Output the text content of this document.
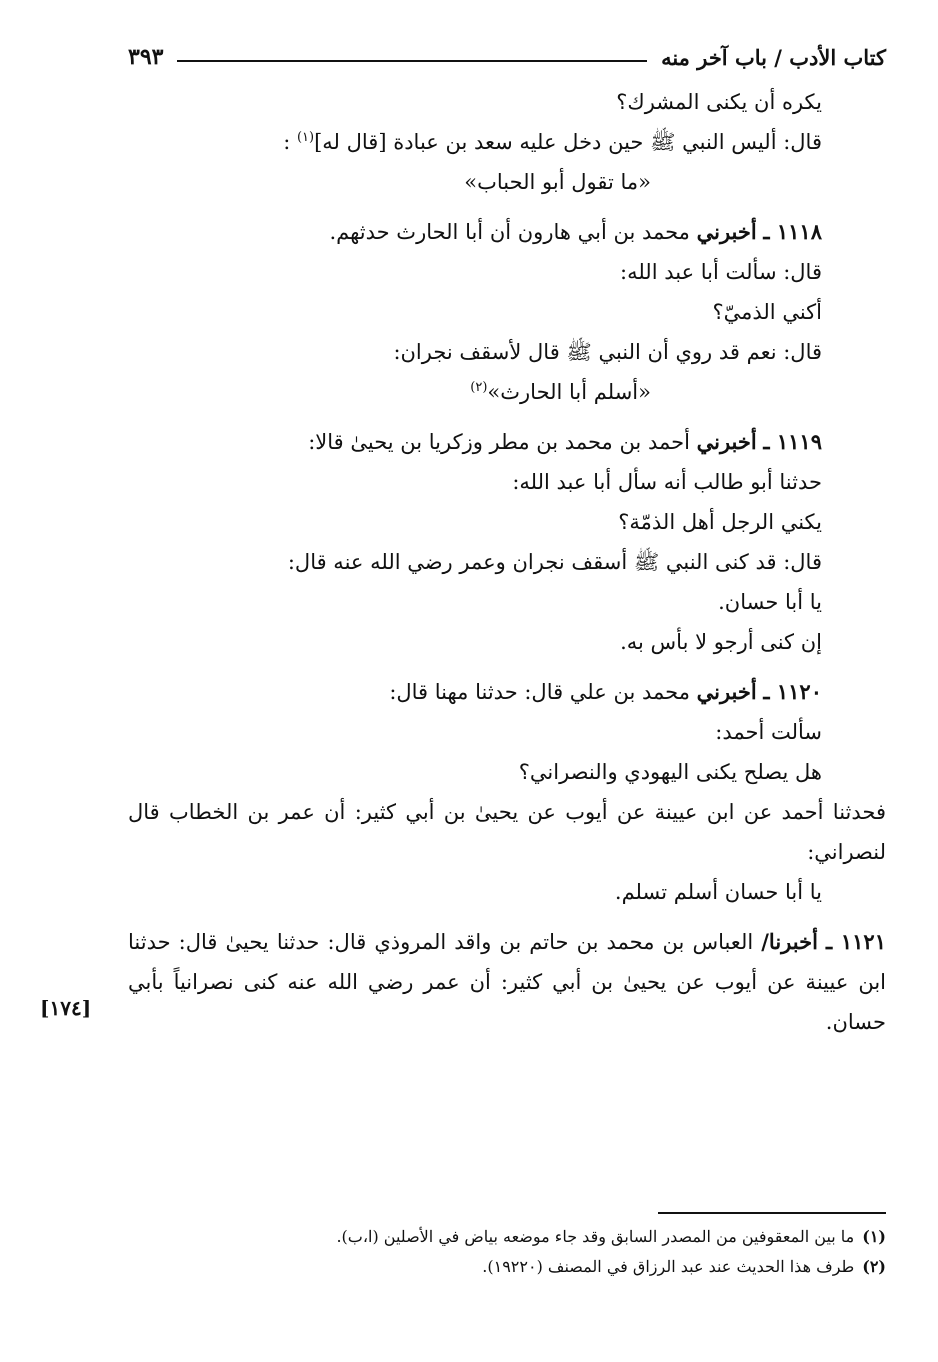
كتاب الأدب / باب آخر منه
٣٩٣
يكره أن يكنى المشرك؟
قال: أليس النبي ﷺ حين دخل عليه سعد بن عبادة [قال له]$^{(١)}$ :
«ما تقول أبو الحباب»
١١١٨ ـ أخبرني محمد بن أبي هارون أن أبا الحارث حدثهم.
قال: سألت أبا عبد الله:
أكني الذميّ؟
قال: نعم قد روي أن النبي ﷺ قال لأسقف نجران:
«أسلم أبا الحارث»$^{(٢)}$
١١١٩ ـ أخبرني أحمد بن محمد بن مطر وزكريا بن يحيىٰ قالا:
حدثنا أبو طالب أنه سأل أبا عبد الله:
يكني الرجل أهل الذمّة؟
قال: قد كنى النبي ﷺ أسقف نجران وعمر رضي الله عنه قال:
يا أبا حسان.
إن كنى أرجو لا بأس به.
١١٢٠ ـ أخبرني محمد بن علي قال: حدثنا مهنا قال:
سألت أحمد:
هل يصلح يكنى اليهودي والنصراني؟
فحدثنا أحمد عن ابن عيينة عن أيوب عن يحيىٰ بن أبي كثير: أن عمر بن الخطاب قال لنصراني:
يا أبا حسان أسلم تسلم.
١١٢١ ـ أخبرنا/ العباس بن محمد بن حاتم بن واقد المروذي قال: حدثنا يحيىٰ قال: حدثنا ابن عيينة عن أيوب عن يحيىٰ بن أبي كثير: أن عمر رضي الله عنه كنى نصرانياً بأبي حسان.
[١٧٤]
(١)ما بين المعقوفين من المصدر السابق وقد جاء موضعه بياض في الأصلين (ا،ب).
(٢)طرف هذا الحديث عند عبد الرزاق في المصنف (١٩٢٢٠).
